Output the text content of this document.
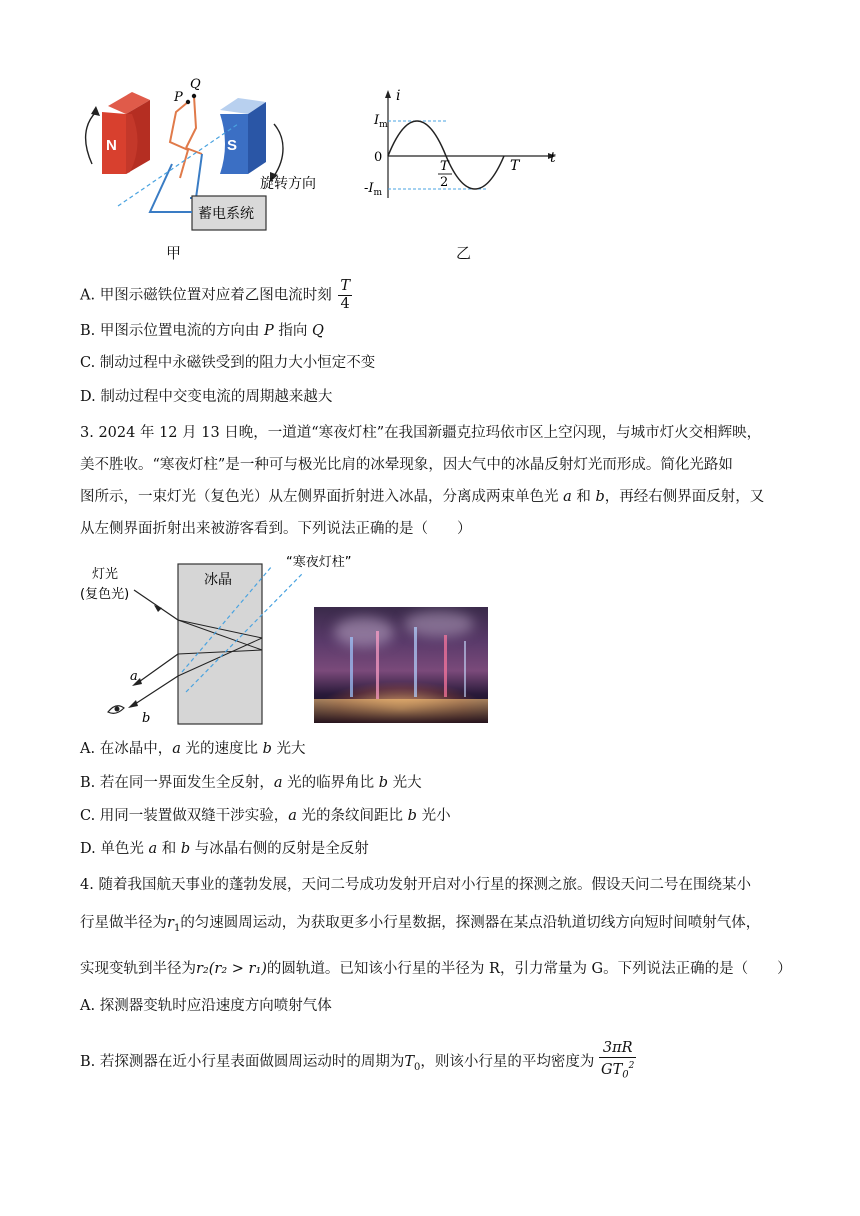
N	S
P
Q
蓄电系统
旋转方向
甲
i
t
$I_m$
$-I_m$
0
T
2
T
乙
A. 甲图示磁铁位置对应着乙图电流时刻 $\frac{T}{4}$
B. 甲图示位置电流的方向由 P 指向 Q
C. 制动过程中永磁铁受到的阻力大小恒定不变
D. 制动过程中交变电流的周期越来越大
3. 2024 年 12 月 13 日晚，一道道“寒夜灯柱”在我国新疆克拉玛依市区上空闪现，与城市灯火交相辉映，
美不胜收。“寒夜灯柱”是一种可与极光比肩的冰晕现象，因大气中的冰晶反射灯光而形成。简化光路如
图所示，一束灯光（复色光）从左侧界面折射进入冰晶，分离成两束单色光 a 和 b，再经右侧界面反射，又
从左侧界面折射出来被游客看到。下列说法正确的是（　　）
冰晶
“寒夜灯柱”
灯光
(复色光)
a
b
A. 在冰晶中，a 光的速度比 b 光大
B. 若在同一界面发生全反射，a 光的临界角比 b 光大
C. 用同一装置做双缝干涉实验，a 光的条纹间距比 b 光小
D. 单色光 a 和 b 与冰晶右侧的反射是全反射
4. 随着我国航天事业的蓬勃发展，天问二号成功发射开启对小行星的探测之旅。假设天问二号在围绕某小
行星做半径为$r_1$的匀速圆周运动，为获取更多小行星数据，探测器在某点沿轨道切线方向短时间喷射气体，
实现变轨到半径为r₂(r₂ > r₁)的圆轨道。已知该小行星的半径为 R，引力常量为 G。下列说法正确的是（　　）
A. 探测器变轨时应沿速度方向喷射气体
B. 若探测器在近小行星表面做圆周运动时的周期为$T_0$，则该小行星的平均密度为 $\frac{3\pi R}{GT_0^2}$
